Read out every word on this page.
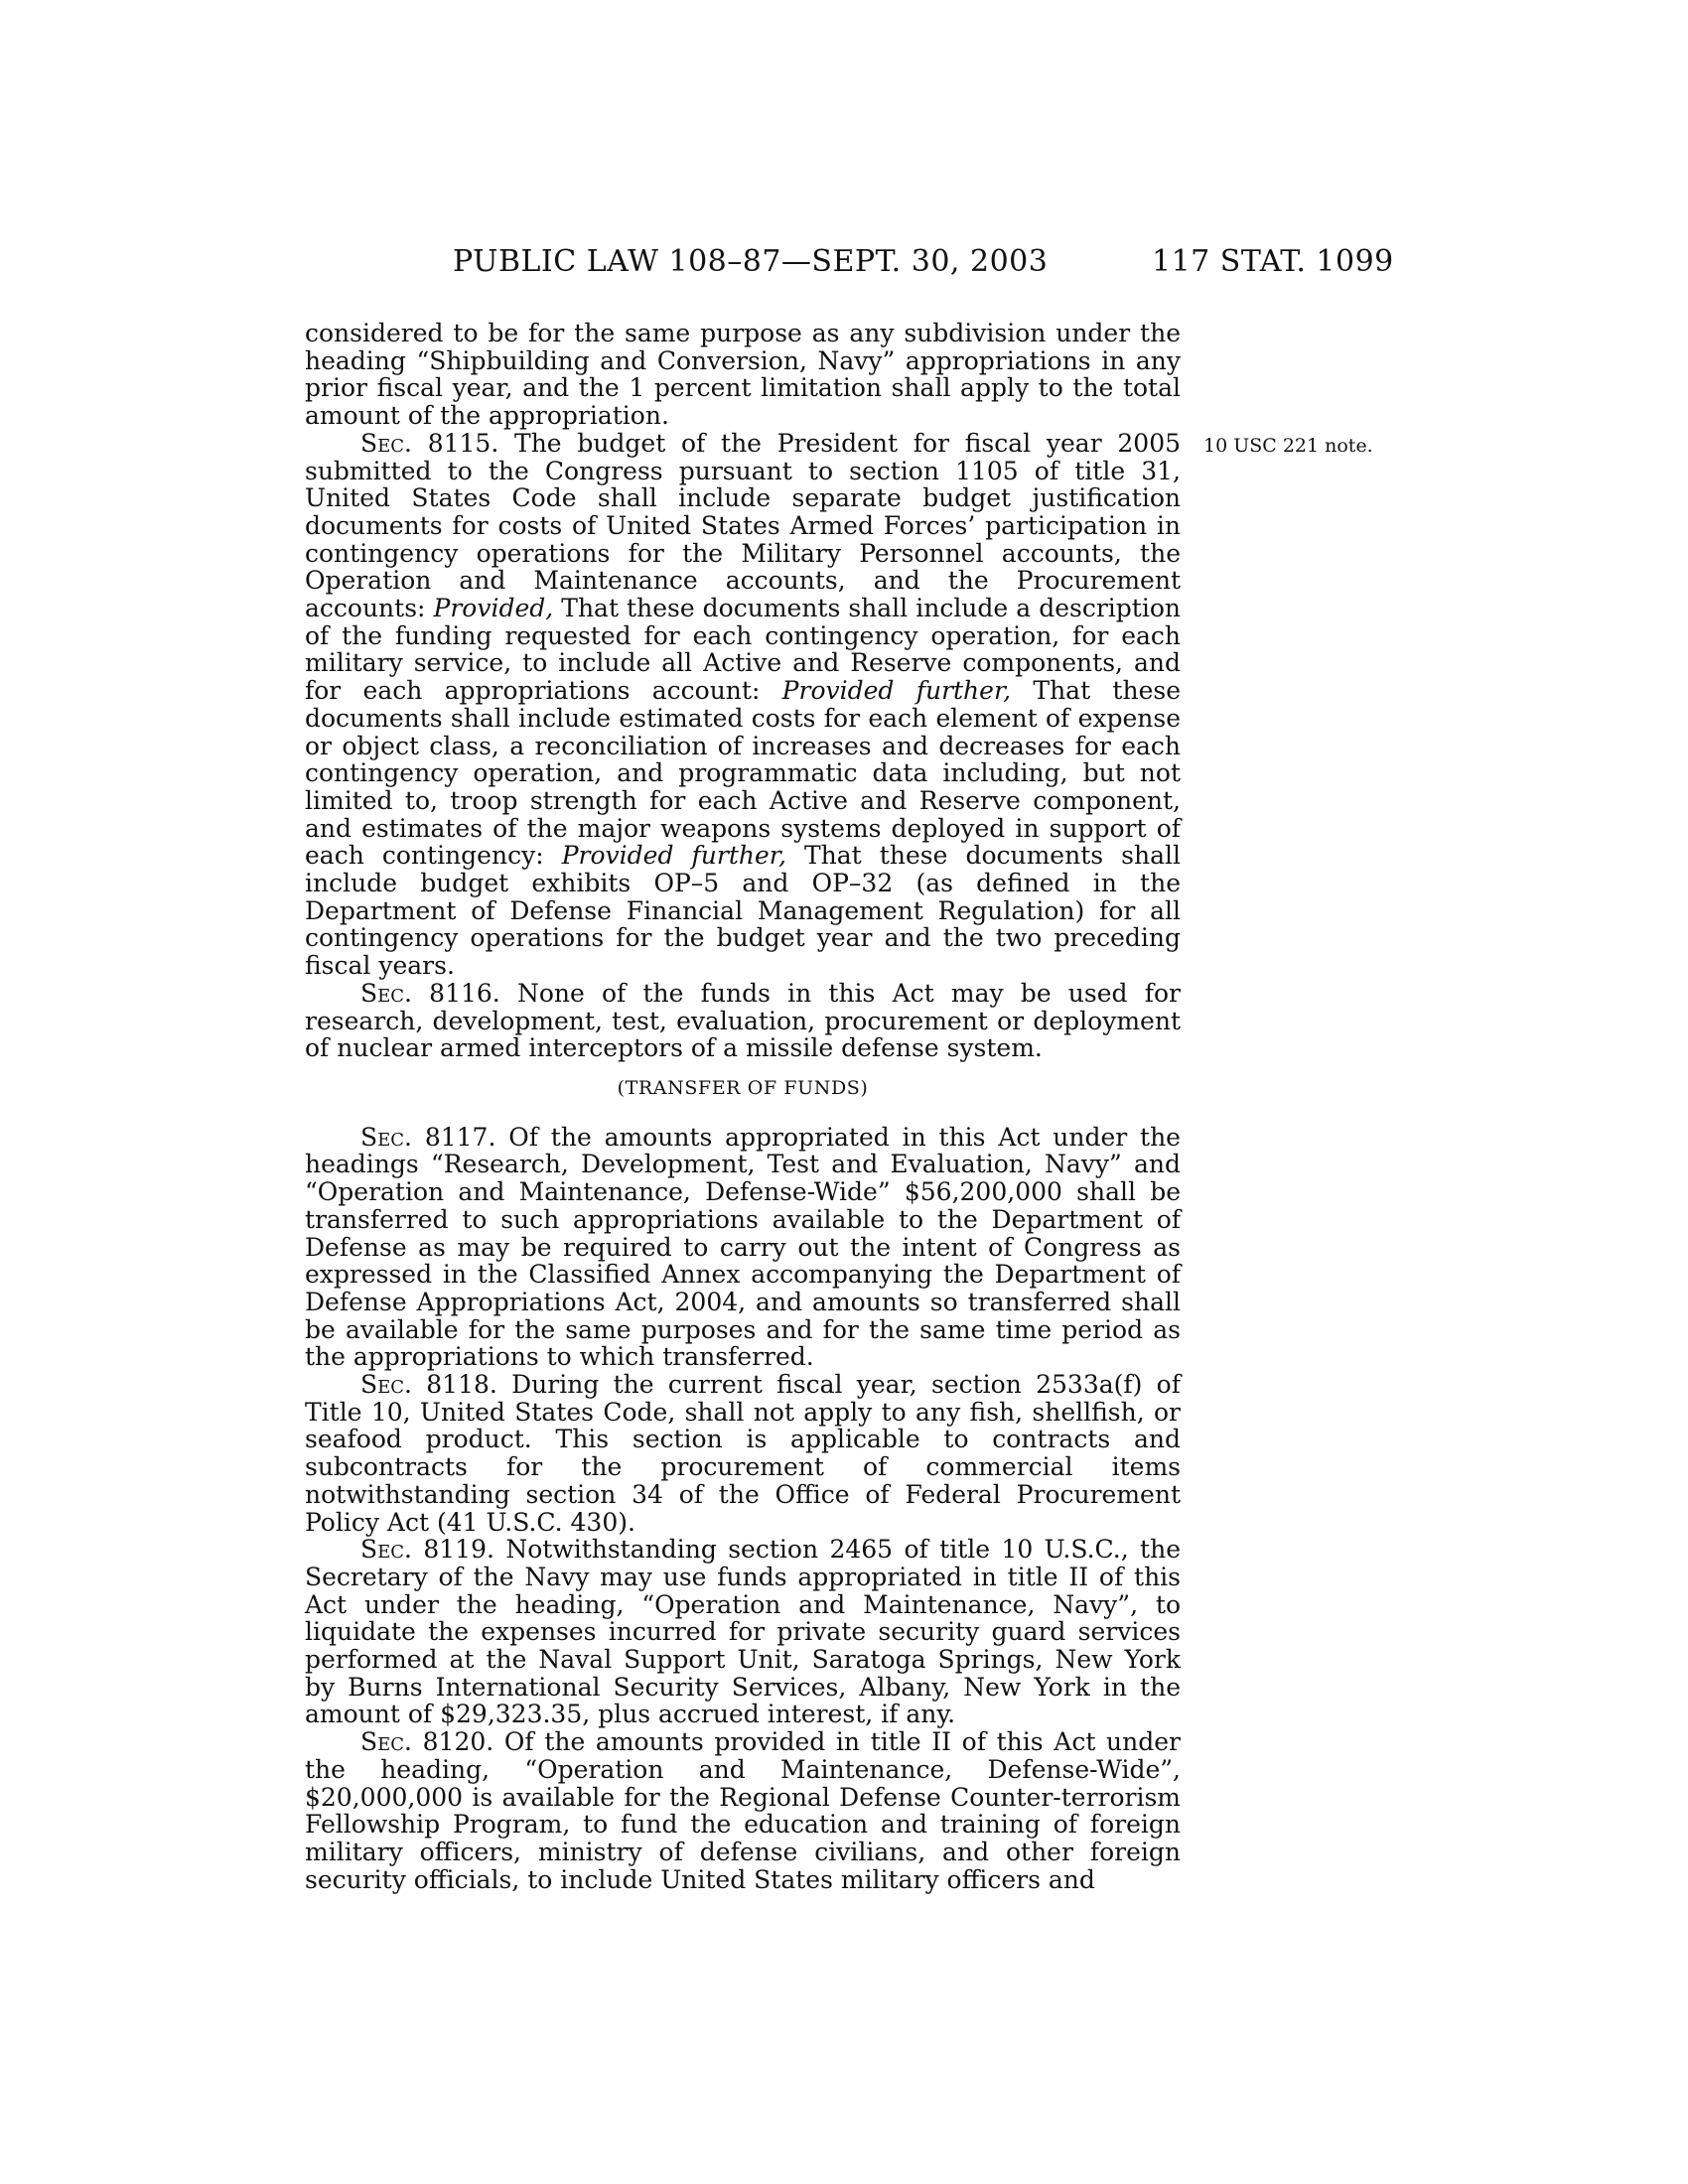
PUBLIC LAW 108–87—SEPT. 30, 2003	117 STAT. 1099
10 USC 221 note.

considered to be for the same purpose as any subdivision under the heading “Shipbuilding and Conversion, Navy” appropriations in any prior fiscal year, and the 1 percent limitation shall apply to the total amount of the appropriation.

Sec. 8115. The budget of the President for fiscal year 2005 submitted to the Congress pursuant to section 1105 of title 31, United States Code shall include separate budget justification documents for costs of United States Armed Forces’ participation in contingency operations for the Military Personnel accounts, the Operation and Maintenance accounts, and the Procurement accounts: Provided, That these documents shall include a description of the funding requested for each contingency operation, for each military service, to include all Active and Reserve components, and for each appropriations account: Provided further, That these documents shall include estimated costs for each element of expense or object class, a reconciliation of increases and decreases for each contingency operation, and programmatic data including, but not limited to, troop strength for each Active and Reserve component, and estimates of the major weapons systems deployed in support of each contingency: Provided further, That these documents shall include budget exhibits OP–5 and OP–32 (as defined in the Department of Defense Financial Management Regulation) for all contingency operations for the budget year and the two preceding fiscal years.

Sec. 8116. None of the funds in this Act may be used for research, development, test, evaluation, procurement or deployment of nuclear armed interceptors of a missile defense system.

(TRANSFER OF FUNDS)

Sec. 8117. Of the amounts appropriated in this Act under the headings “Research, Development, Test and Evaluation, Navy” and “Operation and Maintenance, Defense-Wide” $56,200,000 shall be transferred to such appropriations available to the Department of Defense as may be required to carry out the intent of Congress as expressed in the Classified Annex accompanying the Department of Defense Appropriations Act, 2004, and amounts so transferred shall be available for the same purposes and for the same time period as the appropriations to which transferred.

Sec. 8118. During the current fiscal year, section 2533a(f) of Title 10, United States Code, shall not apply to any fish, shellfish, or seafood product. This section is applicable to contracts and subcontracts for the procurement of commercial items notwithstanding section 34 of the Office of Federal Procurement Policy Act (41 U.S.C. 430).

Sec. 8119. Notwithstanding section 2465 of title 10 U.S.C., the Secretary of the Navy may use funds appropriated in title II of this Act under the heading, “Operation and Maintenance, Navy”, to liquidate the expenses incurred for private security guard services performed at the Naval Support Unit, Saratoga Springs, New York by Burns International Security Services, Albany, New York in the amount of $29,323.35, plus accrued interest, if any.

Sec. 8120. Of the amounts provided in title II of this Act under the heading, “Operation and Maintenance, Defense-Wide”, $20,000,000 is available for the Regional Defense Counter-terrorism Fellowship Program, to fund the education and training of foreign military officers, ministry of defense civilians, and other foreign security officials, to include United States military officers and
